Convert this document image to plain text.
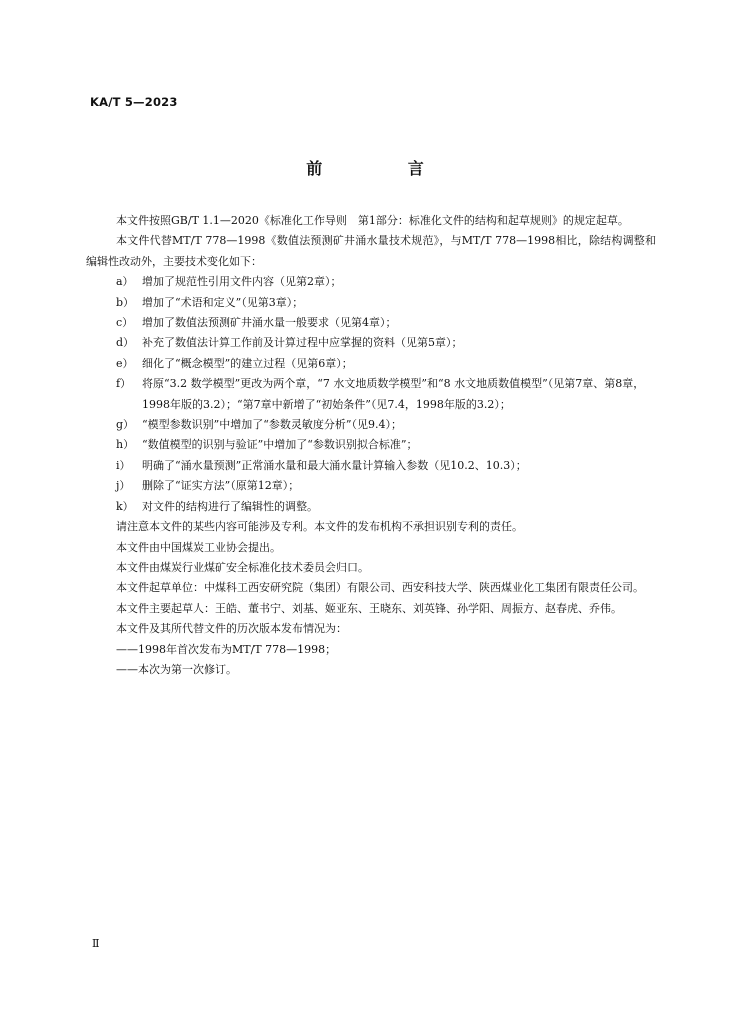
KA/T 5—2023
前 言

本文件按照GB/T 1.1—2020《标准化工作导则　第1部分：标准化文件的结构和起草规则》的规定起草。

本文件代替MT/T 778—1998《数值法预测矿井涌水量技术规范》，与MT/T 778—1998相比，除结构调整和编辑性改动外，主要技术变化如下：

a） 增加了规范性引用文件内容（见第2章）；
b） 增加了“术语和定义”（见第3章）；
c） 增加了数值法预测矿井涌水量一般要求（见第4章）；
d） 补充了数值法计算工作前及计算过程中应掌握的资料（见第5章）；
e） 细化了“概念模型”的建立过程（见第6章）；
f） 将原“3.2 数学模型”更改为两个章，“7 水文地质数学模型”和“8 水文地质数值模型”（见第7章、第8章，1998年版的3.2）；“第7章中新增了“初始条件”（见7.4，1998年版的3.2）；
g） “模型参数识别”中增加了“参数灵敏度分析”（见9.4）；
h） “数值模型的识别与验证”中增加了“参数识别拟合标准”；
i）	明确了“涌水量预测”正常涌水量和最大涌水量计算输入参数（见10.2、10.3）；
j）	删除了“证实方法”（原第12章）；
k） 对文件的结构进行了编辑性的调整。

请注意本文件的某些内容可能涉及专利。本文件的发布机构不承担识别专利的责任。

本文件由中国煤炭工业协会提出。

本文件由煤炭行业煤矿安全标准化技术委员会归口。

本文件起草单位：中煤科工西安研究院（集团）有限公司、西安科技大学、陕西煤业化工集团有限责任公司。

本文件主要起草人：王皓、董书宁、刘基、姬亚东、王晓东、刘英锋、孙学阳、周振方、赵春虎、乔伟。

本文件及其所代替文件的历次版本发布情况为：

——1998年首次发布为MT/T 778—1998；

——本次为第一次修订。

Ⅱ
